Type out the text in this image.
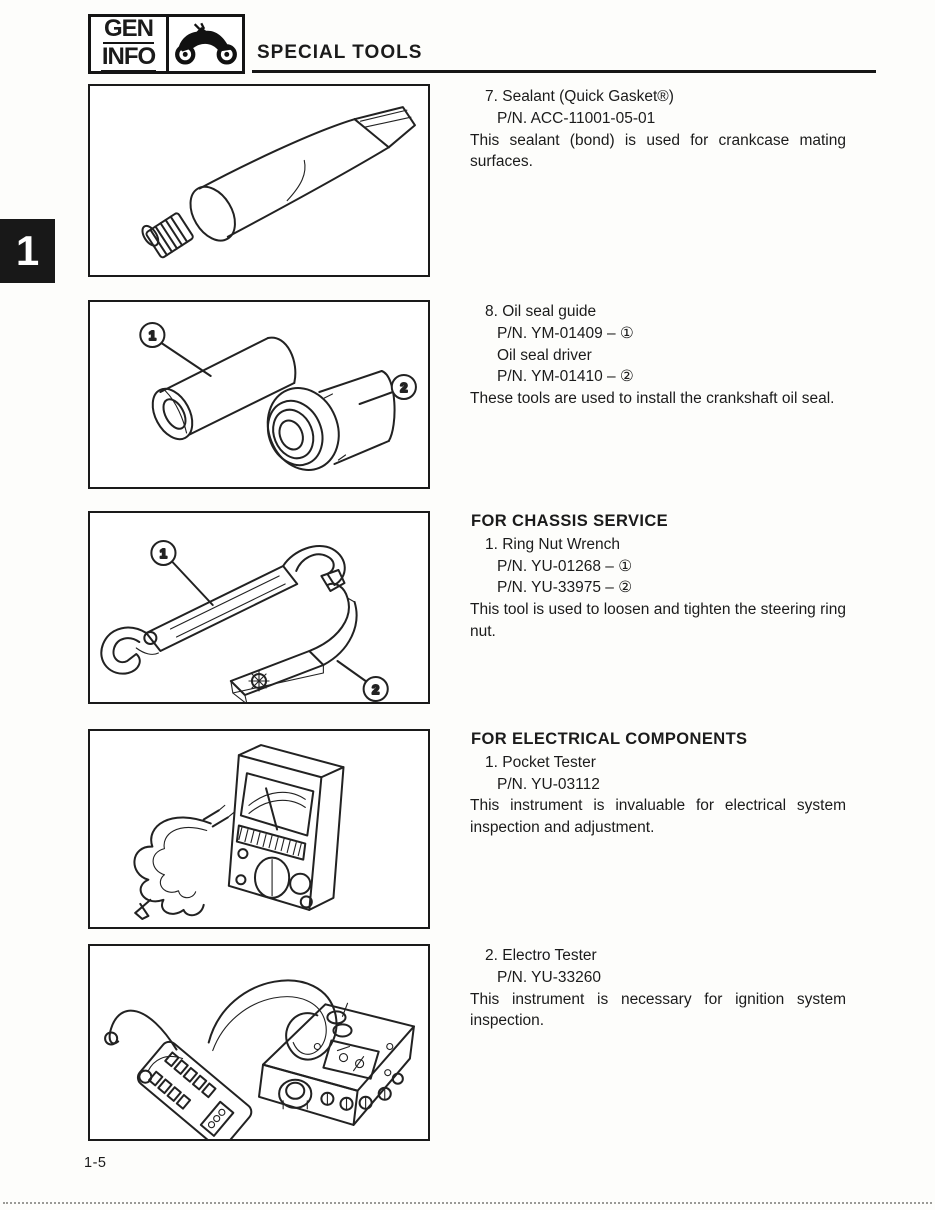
GEN
INFO	SPECIAL TOOLS
1
1
2
1
2
7. Sealant (Quick Gasket®)
P/N. ACC-11001-05-01
This sealant (bond) is used for crankcase mating surfaces.
8. Oil seal guide
P/N. YM-01409 – ①
Oil seal driver
P/N. YM-01410 – ②
These tools are used to install the crankshaft oil seal.
FOR CHASSIS SERVICE
1. Ring Nut Wrench
P/N. YU-01268 – ①
P/N. YU-33975 – ②
This tool is used to loosen and tighten the steering ring nut.
FOR ELECTRICAL COMPONENTS
1. Pocket Tester
P/N. YU-03112
This instrument is invaluable for electrical system inspection and adjustment.
2. Electro Tester
P/N. YU-33260
This instrument is necessary for ignition system inspection.
1-5
